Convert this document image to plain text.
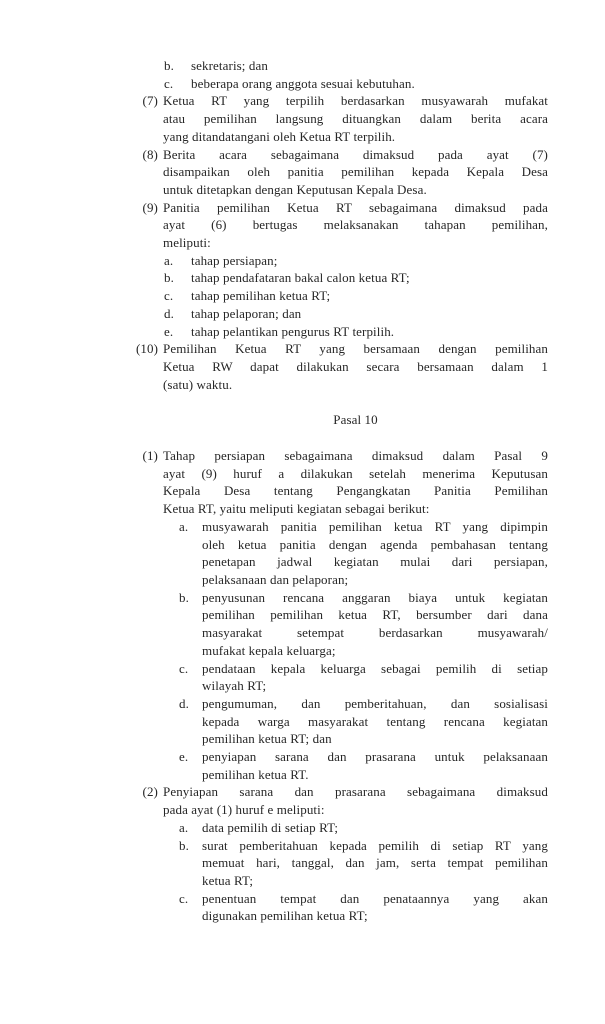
b. sekretaris; dan
c. beberapa orang anggota sesuai kebutuhan.
(7) Ketua RT yang terpilih berdasarkan musyawarah mufakat
atau pemilihan langsung dituangkan dalam berita acara
yang ditandatangani oleh Ketua RT terpilih.
(8) Berita acara sebagaimana dimaksud pada ayat (7)
disampaikan oleh panitia pemilihan kepada Kepala Desa
untuk ditetapkan dengan Keputusan Kepala Desa.
(9) Panitia pemilihan Ketua RT sebagaimana dimaksud pada
ayat (6) bertugas melaksanakan tahapan pemilihan,
meliputi:
a. tahap persiapan;
b. tahap pendafataran bakal calon ketua RT;
c. tahap pemilihan ketua RT;
d. tahap pelaporan; dan
e. tahap pelantikan pengurus RT terpilih.
(10) Pemilihan Ketua RT yang bersamaan dengan pemilihan
Ketua RW dapat dilakukan secara bersamaan dalam 1
(satu) waktu.
Pasal 10
(1) Tahap persiapan sebagaimana dimaksud dalam Pasal 9
ayat (9) huruf a dilakukan setelah menerima Keputusan
Kepala Desa tentang Pengangkatan Panitia Pemilihan
Ketua RT, yaitu meliputi kegiatan sebagai berikut:
a. musyawarah panitia pemilihan ketua RT yang dipimpin
oleh ketua panitia dengan agenda pembahasan tentang
penetapan jadwal kegiatan mulai dari persiapan,
pelaksanaan dan pelaporan;
b. penyusunan rencana anggaran biaya untuk kegiatan
pemilihan pemilihan ketua RT, bersumber dari dana
masyarakat setempat berdasarkan musyawarah/
mufakat kepala keluarga;
c. pendataan kepala keluarga sebagai pemilih di setiap
wilayah RT;
d. pengumuman, dan pemberitahuan, dan sosialisasi
kepada warga masyarakat tentang rencana kegiatan
pemilihan ketua RT; dan
e. penyiapan sarana dan prasarana untuk pelaksanaan
pemilihan ketua RT.
(2) Penyiapan sarana dan prasarana sebagaimana dimaksud
pada ayat (1) huruf e meliputi:
a. data pemilih di setiap RT;
b. surat pemberitahuan kepada pemilih di setiap RT yang
memuat hari, tanggal, dan jam, serta tempat pemilihan
ketua RT;
c. penentuan tempat dan penataannya yang akan
digunakan pemilihan ketua RT;
